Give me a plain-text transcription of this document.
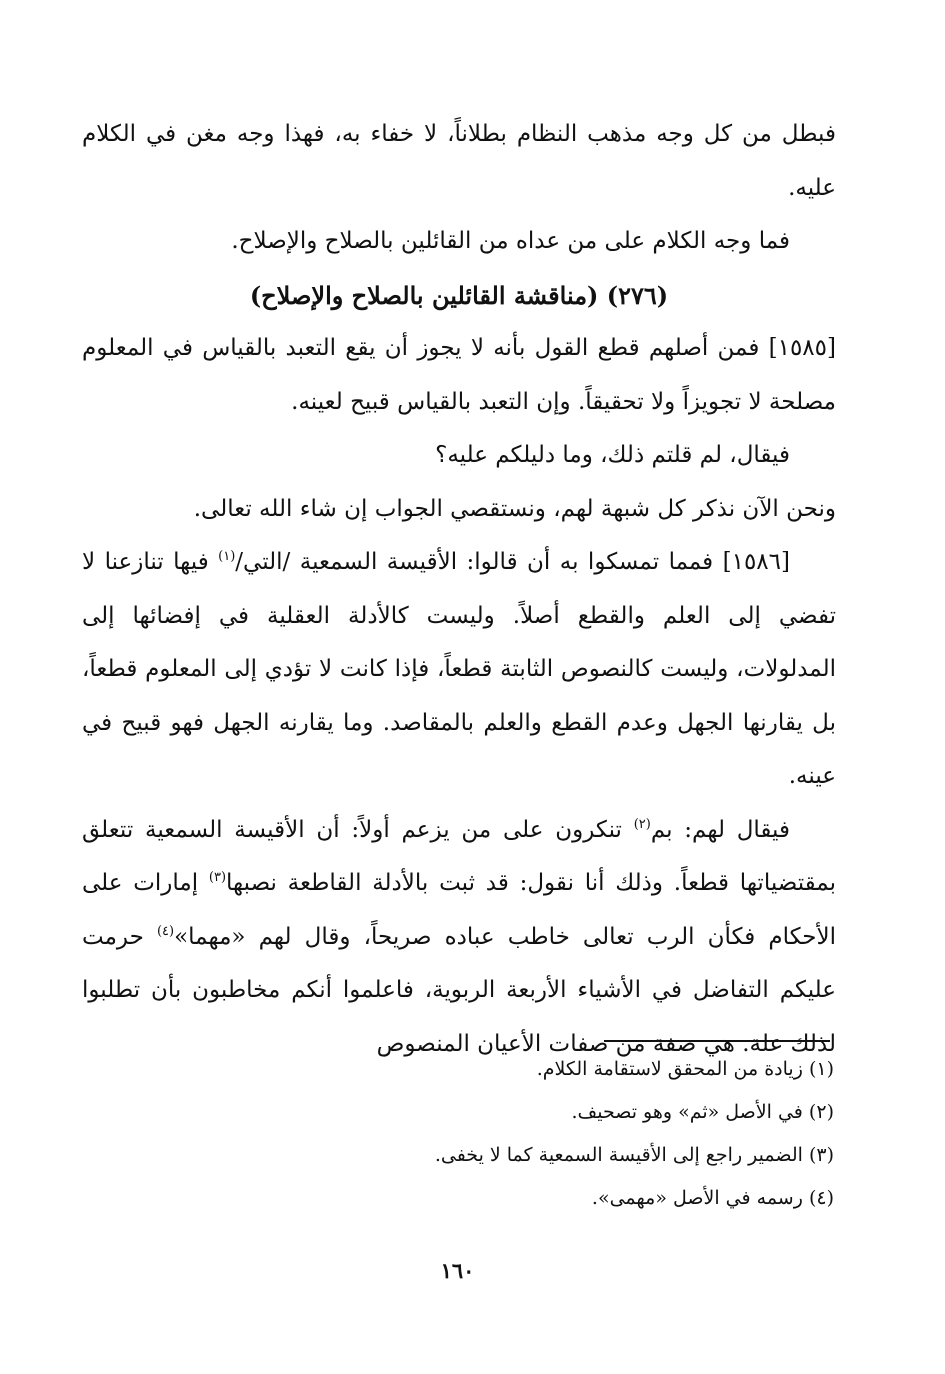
فبطل من كل وجه مذهب النظام بطلاناً، لا خفاء به، فهذا وجه مغن في الكلام عليه.

فما وجه الكلام على من عداه من القائلين بالصلاح والإصلاح.

(٢٧٦) (مناقشة القائلين بالصلاح والإصلاح)

[١٥٨٥] فمن أصلهم قطع القول بأنه لا يجوز أن يقع التعبد بالقياس في المعلوم مصلحة لا تجويزاً ولا تحقيقاً. وإن التعبد بالقياس قبيح لعينه.

فيقال، لم قلتم ذلك، وما دليلكم عليه؟

ونحن الآن نذكر كل شبهة لهم، ونستقصي الجواب إن شاء الله تعالى.

[١٥٨٦] فمما تمسكوا به أن قالوا: الأقيسة السمعية /التي/$^{(١)}$ فيها تنازعنا لا تفضي إلى العلم والقطع أصلاً. وليست كالأدلة العقلية في إفضائها إلى المدلولات، وليست كالنصوص الثابتة قطعاً، فإذا كانت لا تؤدي إلى المعلوم قطعاً، بل يقارنها الجهل وعدم القطع والعلم بالمقاصد. وما يقارنه الجهل فهو قبيح في عينه.

فيقال لهم: بم$^{(٢)}$ تنكرون على من يزعم أولاً: أن الأقيسة السمعية تتعلق بمقتضياتها قطعاً. وذلك أنا نقول: قد ثبت بالأدلة القاطعة نصبها$^{(٣)}$ إمارات على الأحكام فكأن الرب تعالى خاطب عباده صريحاً، وقال لهم «مهما»$^{(٤)}$ حرمت عليكم التفاضل في الأشياء الأربعة الربوية، فاعلموا أنكم مخاطبون بأن تطلبوا لذلك علة. هي صفة من صفات الأعيان المنصوص

(١) زيادة من المحقق لاستقامة الكلام.

(٢) في الأصل «ثم» وهو تصحيف.

(٣) الضمير راجع إلى الأقيسة السمعية كما لا يخفى.

(٤) رسمه في الأصل «مهمى».

١٦٠
